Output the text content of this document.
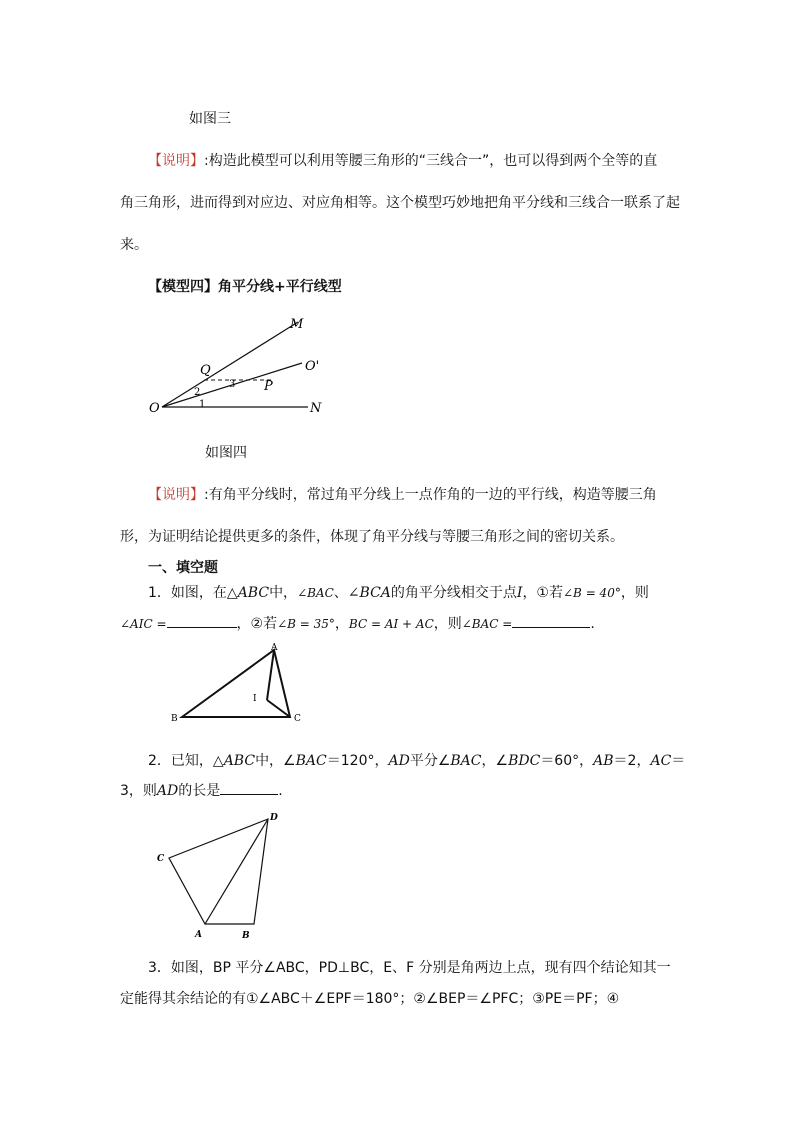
如图三
【说明】:构造此模型可以利用等腰三角形的“三线合一”，也可以得到两个全等的直
角三角形，进而得到对应边、对应角相等。这个模型巧妙地把角平分线和三线合一联系了起
来。
【模型四】角平分线+平行线型
M
Q	O'
P
O	N
2
3
1
如图四
【说明】:有角平分线时，常过角平分线上一点作角的一边的平行线，构造等腰三角
形，为证明结论提供更多的条件，体现了角平分线与等腰三角形之间的密切关系。
一、填空题
1．如图，在△ABC中，∠BAC、∠BCA的角平分线相交于点I，①若∠B = 40°，则
∠AIC =	，②若∠B = 35°，BC = AI + AC，则∠BAC =	.
A
B	C
I
2．已知，△ABC中，∠BAC＝120°，AD平分∠BAC，∠BDC＝60°，AB＝2，AC＝
3，则AD的长是	.
D
C
A	B
3．如图，BP 平分∠ABC，PD⊥BC，E、F 分别是角两边上点，现有四个结论知其一
定能得其余结论的有①∠ABC＋∠EPF＝180°；②∠BEP＝∠PFC；③PE＝PF；④
